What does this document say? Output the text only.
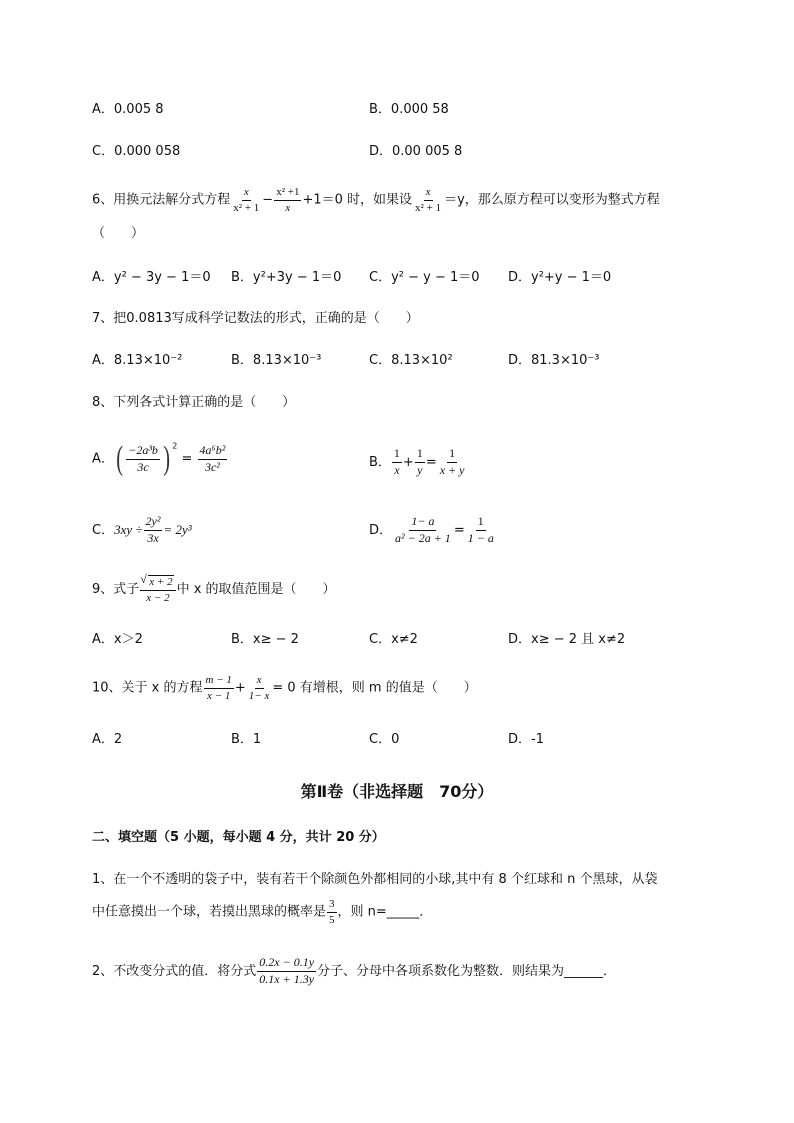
A．0.005 8	B．0.000 58
C．0.000 058	D．0.00 005 8
6、用换元法解分式方程 $\frac{x}{\text{x² + 1}} - \frac{\text{x² +1}}{x} +1=0$ 时，如果设 $\frac{x}{\text{x² + 1}} =y$，那么原方程可以变形为整式方程
（　　）
A．y² − 3y − 1＝0 B．y²+3y − 1＝0 C．y² − y − 1＝0 D．y²+y − 1＝0
7、把0.0813写成科学记数法的形式，正确的是（　　）
A．8.13×10⁻²	B．8.13×10⁻³	C．8.13×10²	D．81.3×10⁻³
8、下列各式计算正确的是（　　）
A．( $\frac{\text{−2a³b}}{3c}$ ) $^2 = \frac{\text{4a⁶b²}}{\text{3c²}}$	B． $\frac{1}{x} + \frac{1}{y} = \frac{1}{x + y}$
C．$3xy \div \frac{\text{2y²}}{3x} = 2y^3$	D． $\frac{1- a}{\text{a² − 2a + 1}} = \frac{1}{1 - a}$
9、式子
√ $\frac{x + 2}{x - 2}$ 中 x 的取值范围是（　　）
A．x＞2	B．x≥ − 2	C．x≠2	D．x≥ − 2 且 x≠2
10、关于 x 的方程 $\frac{m - 1}{x - 1} + \frac{x}{1- x} = 0$ 有增根，则 m 的值是（　　）
A．2	B．1	C．0	D．-1
第Ⅱ卷（非选择题　70分）
二、填空题（5 小题，每小题 4 分，共计 20 分）
1、在一个不透明的袋子中，装有若干个除颜色外都相同的小球,其中有 8 个红球和 n 个黑球，从袋
中任意摸出一个球，若摸出黑球的概率是 $\frac{3}{5}$ ，则 n=_____．
2、不改变分式的值．将分式 $\frac{0.2x - 0.1y}{0.1x + 1.3y}$ 分子、分母中各项系数化为整数．则结果为______．
